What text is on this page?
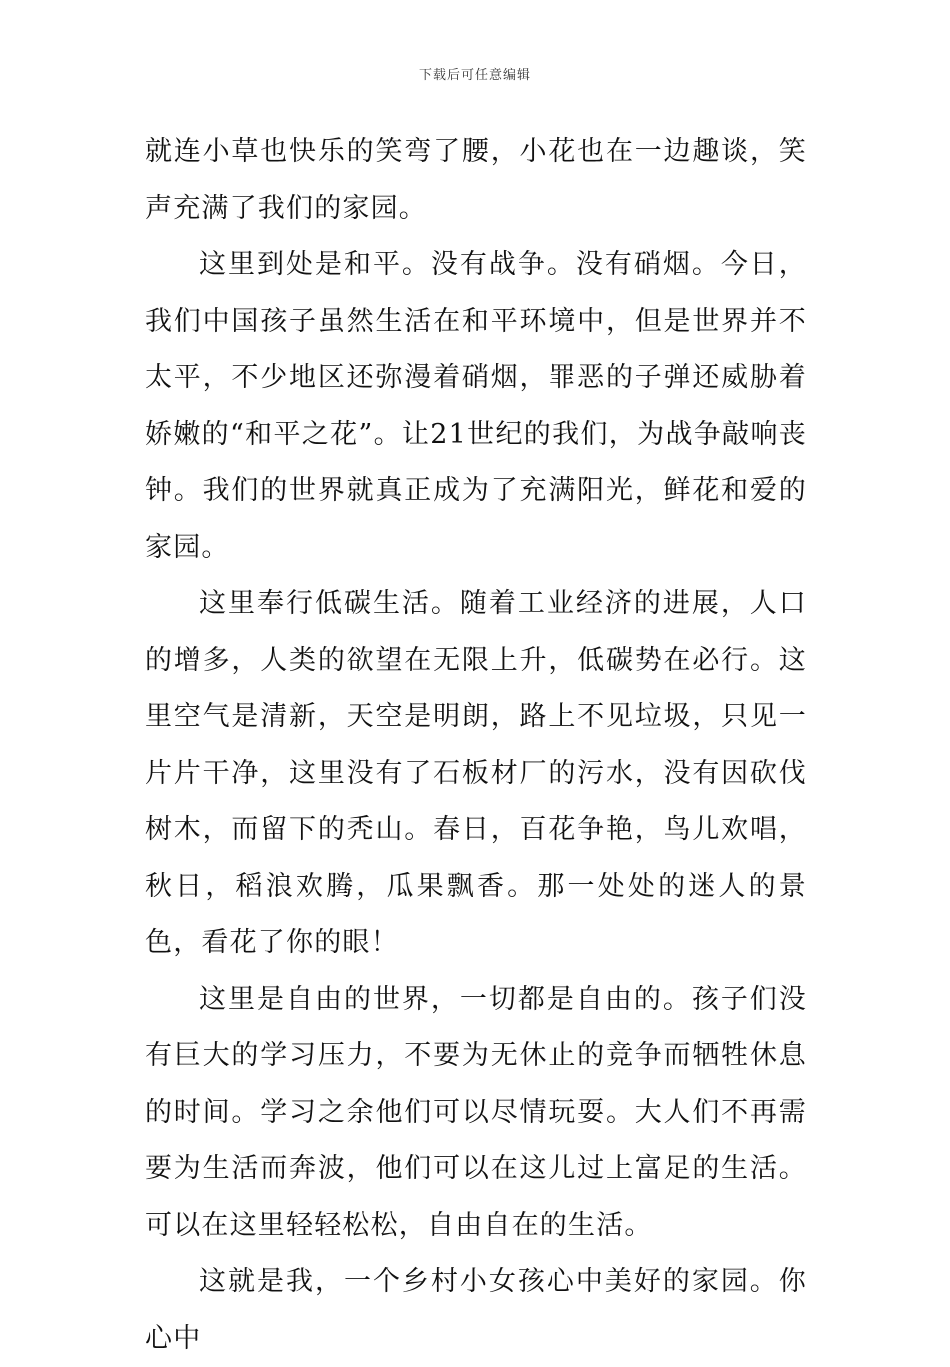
下载后可任意编辑

就连小草也快乐的笑弯了腰，小花也在一边趣谈，笑声充满了我们的家园。

这里到处是和平。没有战争。没有硝烟。今日，我们中国孩子虽然生活在和平环境中，但是世界并不太平，不少地区还弥漫着硝烟，罪恶的子弹还威胁着娇嫩的“和平之花”。让21世纪的我们，为战争敲响丧钟。我们的世界就真正成为了充满阳光，鲜花和爱的家园。

这里奉行低碳生活。随着工业经济的进展，人口的增多，人类的欲望在无限上升，低碳势在必行。这里空气是清新，天空是明朗，路上不见垃圾，只见一片片干净，这里没有了石板材厂的污水，没有因砍伐树木，而留下的秃山。春日，百花争艳，鸟儿欢唱，秋日，稻浪欢腾，瓜果飘香。那一处处的迷人的景色，看花了你的眼！

这里是自由的世界，一切都是自由的。孩子们没有巨大的学习压力，不要为无休止的竞争而牺牲休息的时间。学习之余他们可以尽情玩耍。大人们不再需要为生活而奔波，他们可以在这儿过上富足的生活。可以在这里轻轻松松，自由自在的生活。

这就是我，一个乡村小女孩心中美好的家园。你心中
